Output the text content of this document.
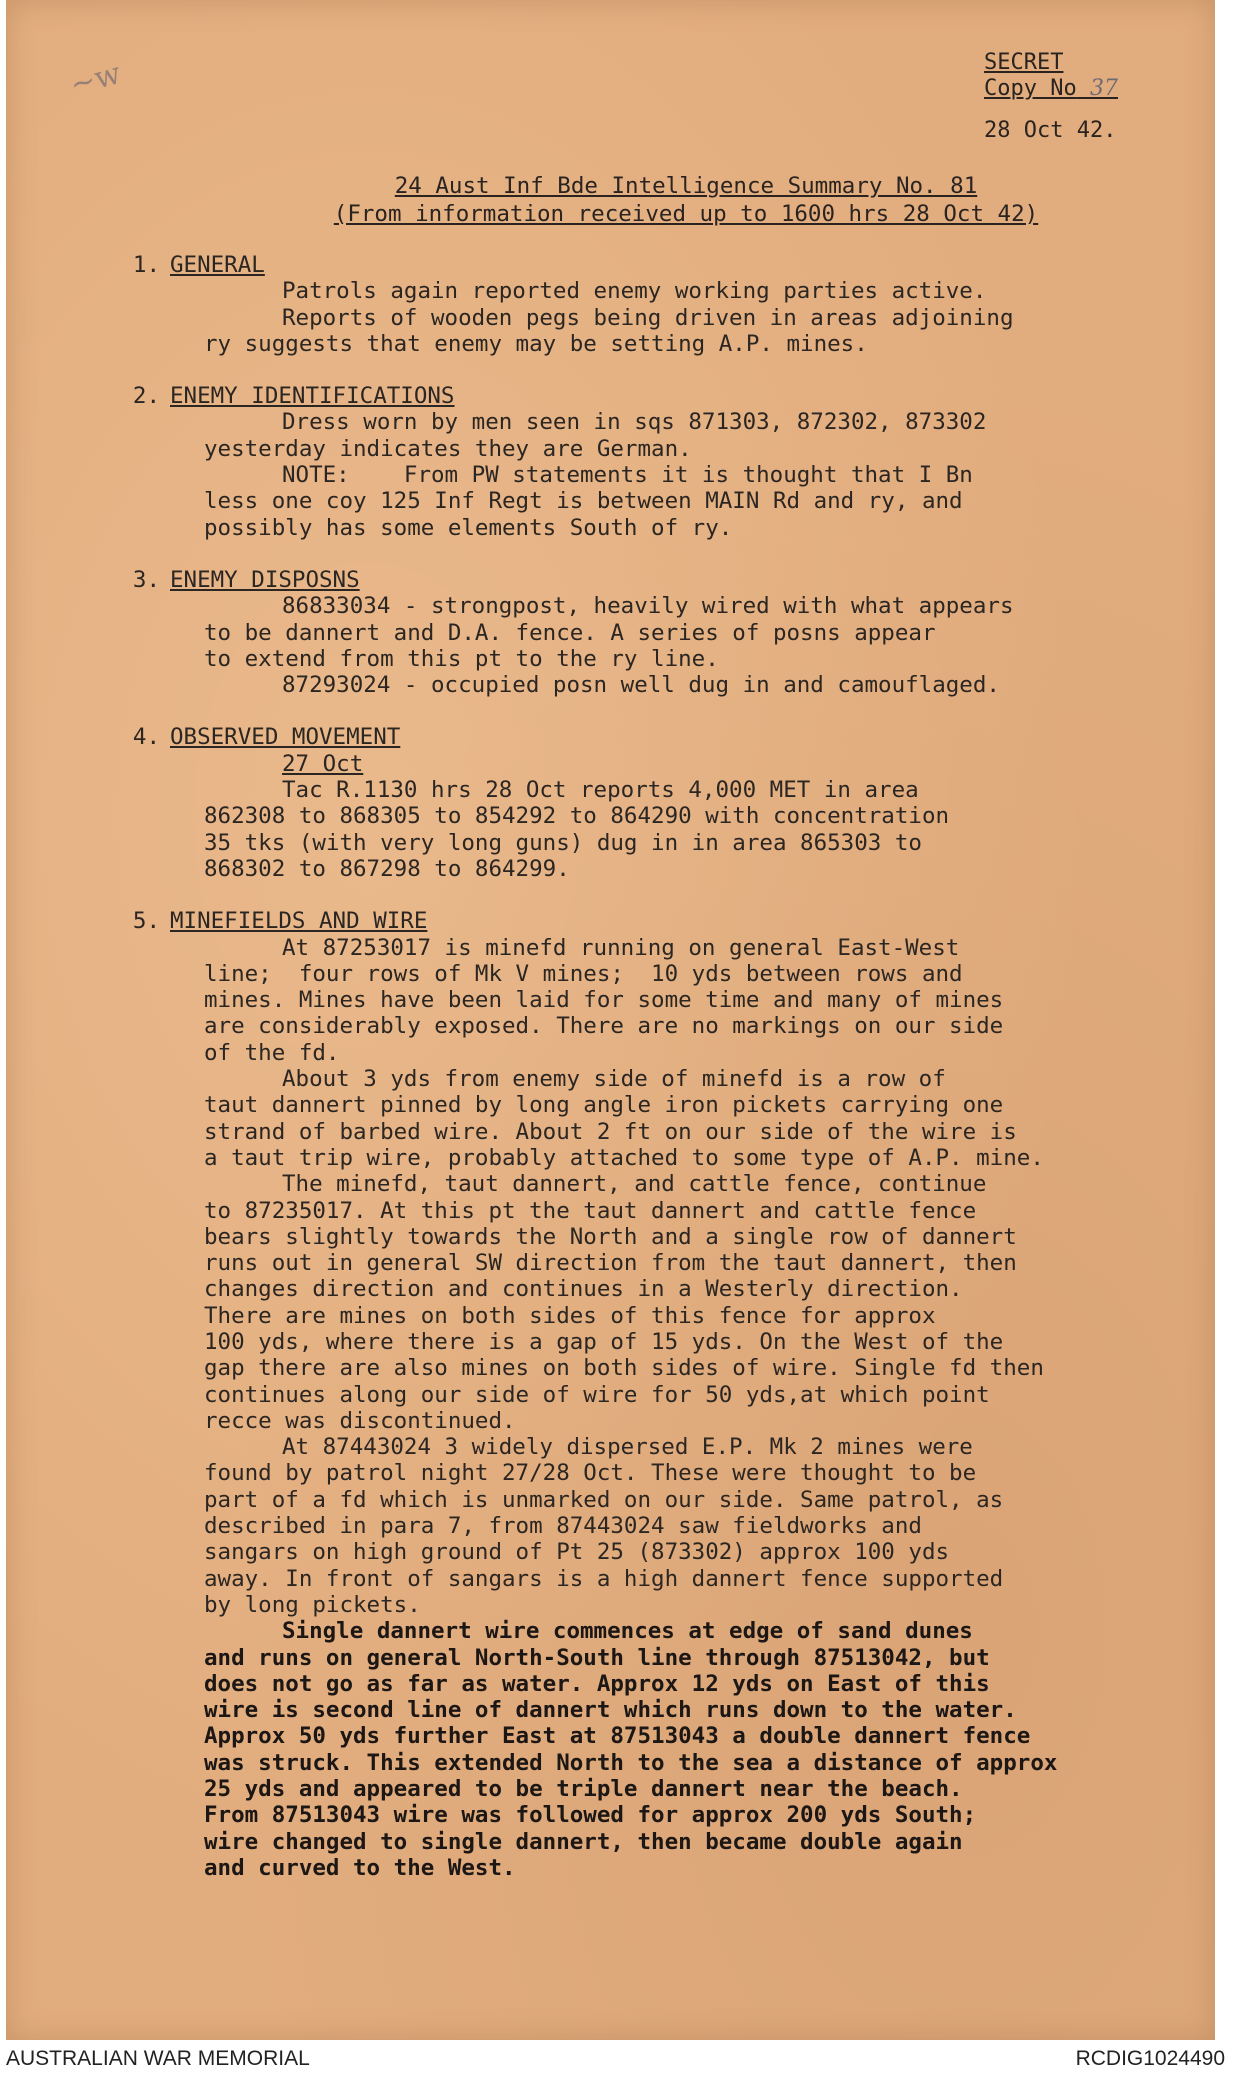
~w	SECRET
Copy No 37
28 Oct 42.
24 Aust Inf Bde Intelligence Summary No. 81
(From information received up to 1600 hrs 28 Oct 42)
1. GENERAL
Patrols again reported enemy working parties active.
Reports of wooden pegs being driven in areas adjoining
ry suggests that enemy may be setting A.P. mines.
2. ENEMY IDENTIFICATIONS
Dress worn by men seen in sqs 871303, 872302, 873302
yesterday indicates they are German.
NOTE:    From PW statements it is thought that I Bn
less one coy 125 Inf Regt is between MAIN Rd and ry, and
possibly has some elements South of ry.
3. ENEMY DISPOSNS
86833034 - strongpost, heavily wired with what appears
to be dannert and D.A. fence. A series of posns appear
to extend from this pt to the ry line.
87293024 - occupied posn well dug in and camouflaged.
4. OBSERVED MOVEMENT
27 Oct
Tac R.1130 hrs 28 Oct reports 4,000 MET in area
862308 to 868305 to 854292 to 864290 with concentration
35 tks (with very long guns) dug in in area 865303 to
868302 to 867298 to 864299.
5. MINEFIELDS AND WIRE
At 87253017 is minefd running on general East-West
line;  four rows of Mk V mines;  10 yds between rows and
mines. Mines have been laid for some time and many of mines
are considerably exposed. There are no markings on our side
of the fd.
About 3 yds from enemy side of minefd is a row of
taut dannert pinned by long angle iron pickets carrying one
strand of barbed wire. About 2 ft on our side of the wire is
a taut trip wire, probably attached to some type of A.P. mine.
The minefd, taut dannert, and cattle fence, continue
to 87235017. At this pt the taut dannert and cattle fence
bears slightly towards the North and a single row of dannert
runs out in general SW direction from the taut dannert, then
changes direction and continues in a Westerly direction.
There are mines on both sides of this fence for approx
100 yds, where there is a gap of 15 yds. On the West of the
gap there are also mines on both sides of wire. Single fd then
continues along our side of wire for 50 yds,at which point
recce was discontinued.
At 87443024 3 widely dispersed E.P. Mk 2 mines were
found by patrol night 27/28 Oct. These were thought to be
part of a fd which is unmarked on our side. Same patrol, as
described in para 7, from 87443024 saw fieldworks and
sangars on high ground of Pt 25 (873302) approx 100 yds
away. In front of sangars is a high dannert fence supported
by long pickets.
Single dannert wire commences at edge of sand dunes
and runs on general North-South line through 87513042, but
does not go as far as water. Approx 12 yds on East of this
wire is second line of dannert which runs down to the water.
Approx 50 yds further East at 87513043 a double dannert fence
was struck. This extended North to the sea a distance of approx
25 yds and appeared to be triple dannert near the beach.
From 87513043 wire was followed for approx 200 yds South;
wire changed to single dannert, then became double again
and curved to the West.
AUSTRALIAN WAR MEMORIAL	RCDIG1024490
